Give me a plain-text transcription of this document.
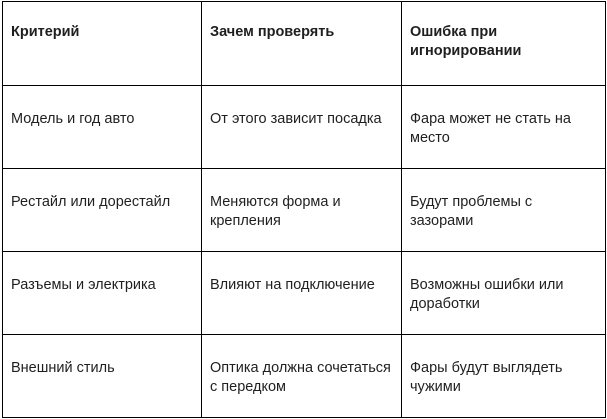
Критерий	Зачем проверять	Ошибка при игнорировании
Модель и год авто	От этого зависит посадка	Фара может не стать на место
Рестайл или дорестайл	Меняются форма и крепления	Будут проблемы с зазорами
Разъемы и электрика	Влияют на подключение	Возможны ошибки или доработки
Внешний стиль	Оптика должна сочетаться с передком	Фары будут выглядеть чужими
